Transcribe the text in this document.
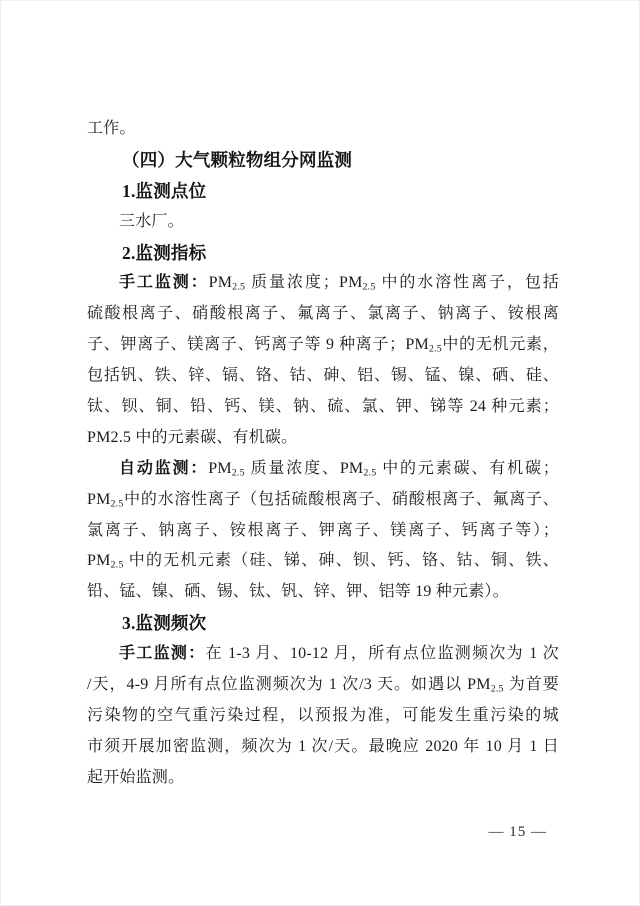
工作。
（四）大气颗粒物组分网监测
1.监测点位
三水厂。
2.监测指标
手工监测：$PM_{2.5}$ 质量浓度；$PM_{2.5}$ 中的水溶性离子，包括
硫酸根离子、硝酸根离子、氟离子、氯离子、钠离子、铵根离
子、钾离子、镁离子、钙离子等 9 种离子；$PM_{2.5}$中的无机元素，
包括钒、铁、锌、镉、铬、钴、砷、铝、锡、锰、镍、硒、硅、
钛、钡、铜、铅、钙、镁、钠、硫、氯、钾、锑等 24 种元素；
PM2.5 中的元素碳、有机碳。
自动监测：$PM_{2.5}$ 质量浓度、$PM_{2.5}$ 中的元素碳、有机碳；
$PM_{2.5}$中的水溶性离子（包括硫酸根离子、硝酸根离子、氟离子、
氯离子、钠离子、铵根离子、钾离子、镁离子、钙离子等）；
$PM_{2.5}$ 中的无机元素（硅、锑、砷、钡、钙、铬、钴、铜、铁、
铅、锰、镍、硒、锡、钛、钒、锌、钾、铝等 19 种元素）。
3.监测频次
手工监测：在 1-3 月、10-12 月，所有点位监测频次为 1 次
/天，4-9 月所有点位监测频次为 1 次/3 天。如遇以 $PM_{2.5}$ 为首要
污染物的空气重污染过程，以预报为准，可能发生重污染的城
市须开展加密监测，频次为 1 次/天。最晚应 2020 年 10 月 1 日
起开始监测。
— 15 —
